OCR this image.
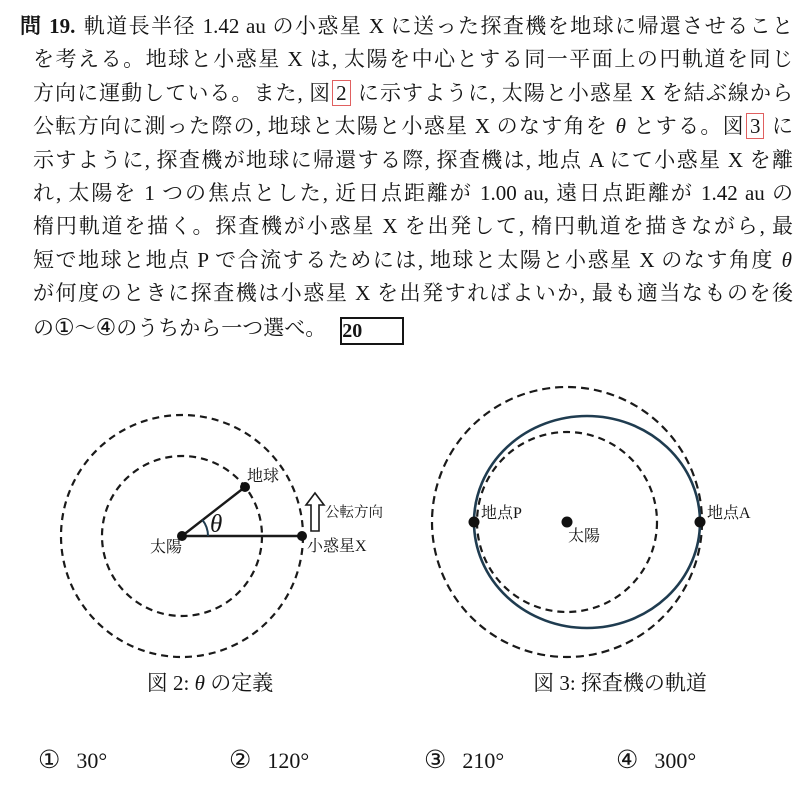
問 19. 軌道長半径 1.42 au の小惑星 X に送った探査機を地球に帰還させること
を考える。地球と小惑星 X は, 太陽を中心とする同一平面上の円軌道を同じ
方向に運動している。また, 図 2 に示すように, 太陽と小惑星 X を結ぶ線から
公転方向に測った際の, 地球と太陽と小惑星 X のなす角を θ とする。図 3 に
示すように, 探査機が地球に帰還する際, 探査機は, 地点 A にて小惑星 X を離
れ, 太陽を 1 つの焦点とした, 近日点距離が 1.00 au, 遠日点距離が 1.42 au の
楕円軌道を描く。探査機が小惑星 X を出発して, 楕円軌道を描きながら, 最
短で地球と地点 P で合流するためには, 地球と太陽と小惑星 X のなす角度 θ
が何度のときに探査機は小惑星 X を出発すればよいか, 最も適当なものを後
の①～④のうちから一つ選べ。 20
θ
地球
太陽	小惑星X
公転方向
図 2: θ の定義
地点P
太陽
地点A
図 3: 探査機の軌道
① 30°	② 120°	③ 210°	④ 300°
